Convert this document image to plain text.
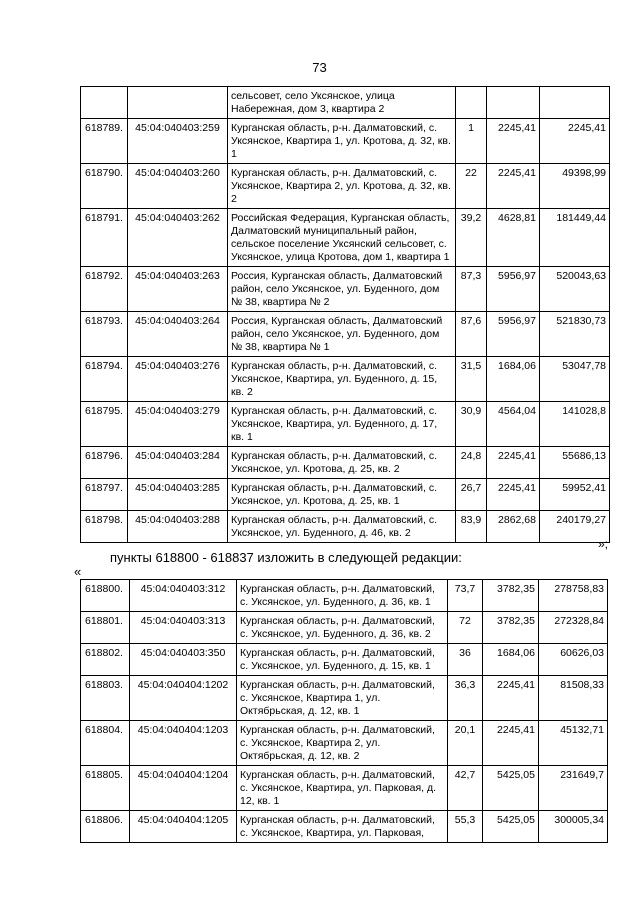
73
		сельсовет, село Уксянское, улица Набережная, дом 3, квартира 2			
618789.	45:04:040403:259	Курганская область, р-н. Далматовский, с. Уксянское, Квартира 1, ул. Кротова, д. 32, кв. 1	1	2245,41	2245,41
618790.	45:04:040403:260	Курганская область, р-н. Далматовский, с. Уксянское, Квартира 2, ул. Кротова, д. 32, кв. 2	22	2245,41	49398,99
618791.	45:04:040403:262	Российская Федерация, Курганская область, Далматовский муниципальный район, сельское поселение Уксянский сельсовет, с. Уксянское, улица Кротова, дом 1, квартира 1	39,2	4628,81	181449,44
618792.	45:04:040403:263	Россия, Курганская область, Далматовский район, село Уксянское, ул. Буденного, дом № 38, квартира № 2	87,3	5956,97	520043,63
618793.	45:04:040403:264	Россия, Курганская область, Далматовский район, село Уксянское, ул. Буденного, дом № 38, квартира № 1	87,6	5956,97	521830,73
618794.	45:04:040403:276	Курганская область, р-н. Далматовский, с. Уксянское, Квартира, ул. Буденного, д. 15, кв. 2	31,5	1684,06	53047,78
618795.	45:04:040403:279	Курганская область, р-н. Далматовский, с. Уксянское, Квартира, ул. Буденного, д. 17, кв. 1	30,9	4564,04	141028,8
618796.	45:04:040403:284	Курганская область, р-н. Далматовский, с. Уксянское, ул. Кротова, д. 25, кв. 2	24,8	2245,41	55686,13
618797.	45:04:040403:285	Курганская область, р-н. Далматовский, с. Уксянское, ул. Кротова, д. 25, кв. 1	26,7	2245,41	59952,41
618798.	45:04:040403:288	Курганская область, р-н. Далматовский, с. Уксянское, ул. Буденного, д. 46, кв. 2	83,9	2862,68	240179,27
»;
пункты 618800 - 618837 изложить в следующей редакции:
«
618800.	45:04:040403:312	Курганская область, р-н. Далматовский, с. Уксянское, ул. Буденного, д. 36, кв. 1	73,7	3782,35	278758,83
618801.	45:04:040403:313	Курганская область, р-н. Далматовский, с. Уксянское, ул. Буденного, д. 36, кв. 2	72	3782,35	272328,84
618802.	45:04:040403:350	Курганская область, р-н. Далматовский, с. Уксянское, ул. Буденного, д. 15, кв. 1	36	1684,06	60626,03
618803.	45:04:040404:1202	Курганская область, р-н. Далматовский, с. Уксянское, Квартира 1, ул. Октябрьская, д. 12, кв. 1	36,3	2245,41	81508,33
618804.	45:04:040404:1203	Курганская область, р-н. Далматовский, с. Уксянское, Квартира 2, ул. Октябрьская, д. 12, кв. 2	20,1	2245,41	45132,71
618805.	45:04:040404:1204	Курганская область, р-н. Далматовский, с. Уксянское, Квартира, ул. Парковая, д. 12, кв. 1	42,7	5425,05	231649,7
618806.	45:04:040404:1205	Курганская область, р-н. Далматовский, с. Уксянское, Квартира, ул. Парковая,	55,3	5425,05	300005,34
